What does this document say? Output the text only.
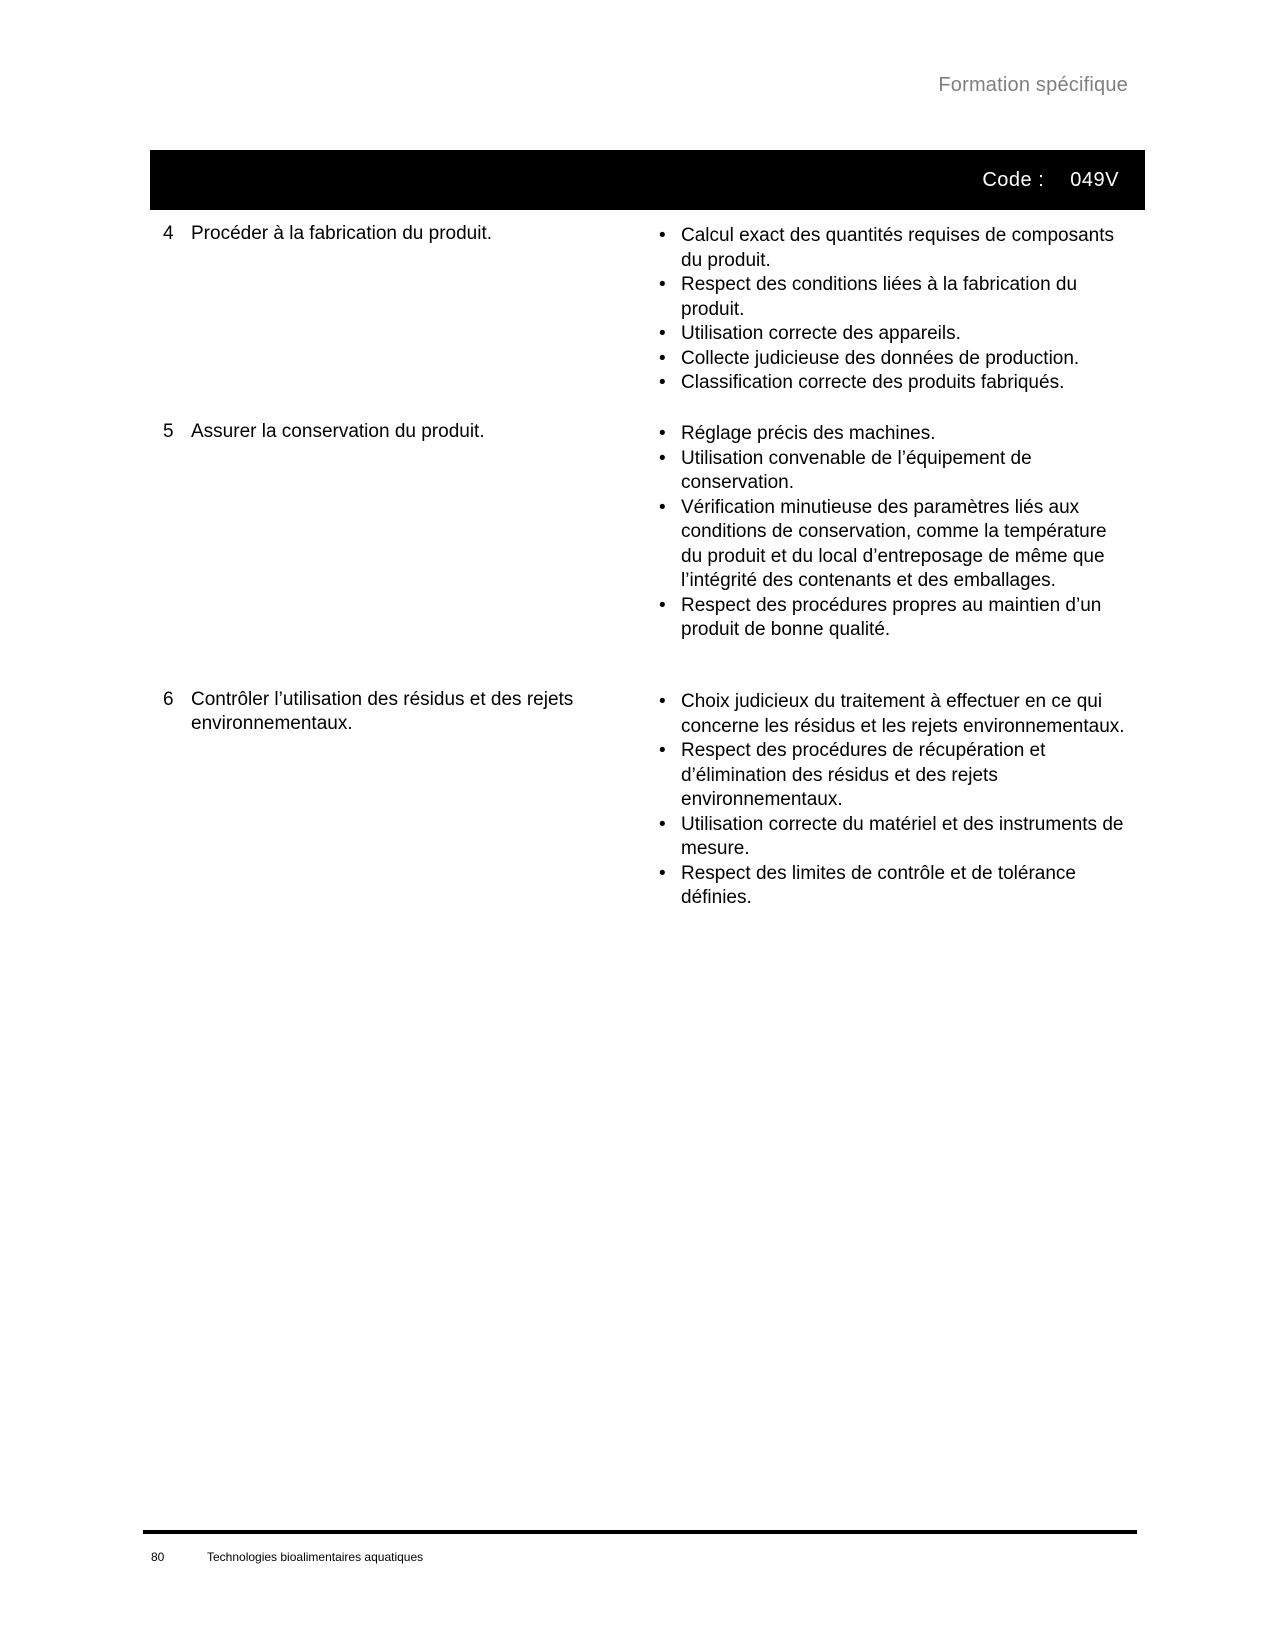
Formation spécifique
Code : 049V
4 Procéder à la fabrication du produit.	• Calcul exact des quantités requises de composants du produit.
• Respect des conditions liées à la fabrication du produit.
• Utilisation correcte des appareils.
• Collecte judicieuse des données de production.
• Classification correcte des produits fabriqués.
5 Assurer la conservation du produit.	• Réglage précis des machines.
• Utilisation convenable de l’équipement de conservation.
• Vérification minutieuse des paramètres liés aux conditions de conservation, comme la température du produit et du local d’entreposage de même que l’intégrité des contenants et des emballages.
• Respect des procédures propres au maintien d’un produit de bonne qualité.
6 Contrôler l’utilisation des résidus et des rejets environnementaux.
• Choix judicieux du traitement à effectuer en ce qui concerne les résidus et les rejets environnementaux.
• Respect des procédures de récupération et d’élimination des résidus et des rejets environnementaux.
• Utilisation correcte du matériel et des instruments de mesure.
• Respect des limites de contrôle et de tolérance définies.
80	Technologies bioalimentaires aquatiques
